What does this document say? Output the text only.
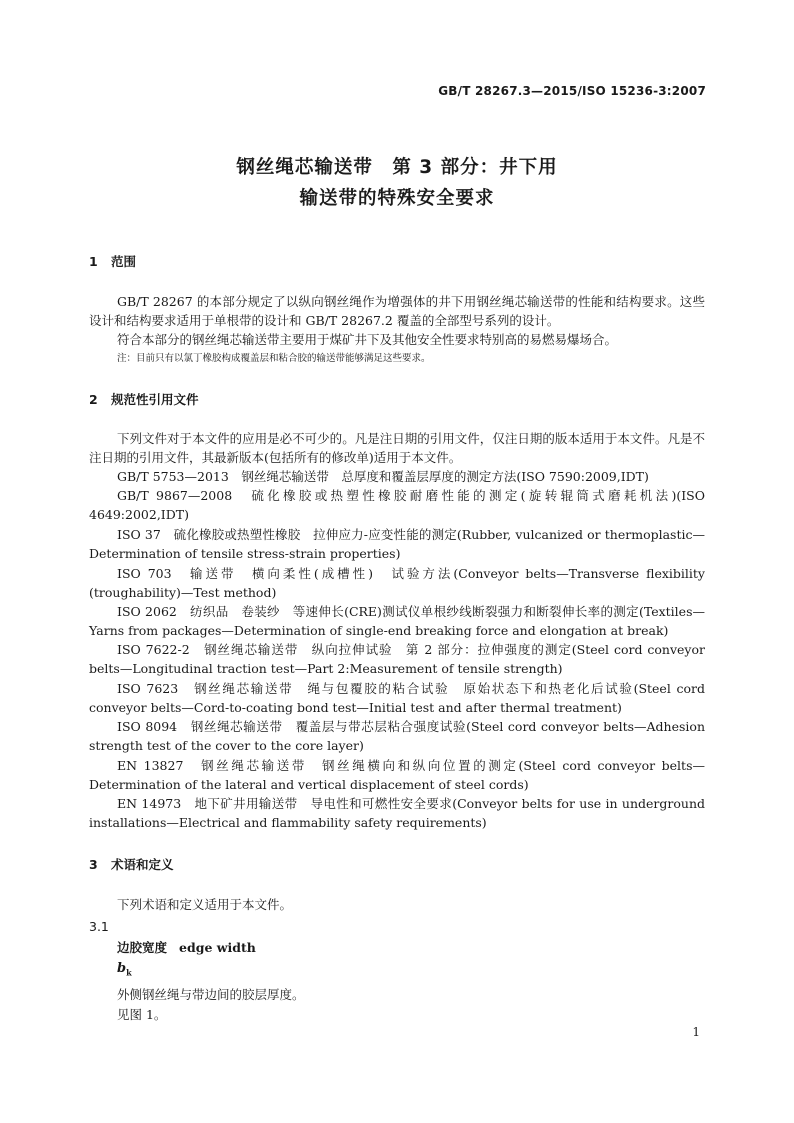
GB/T 28267.3—2015/ISO 15236-3:2007
钢丝绳芯输送带　第 3 部分：井下用
输送带的特殊安全要求
1 范围
GB/T 28267 的本部分规定了以纵向钢丝绳作为增强体的井下用钢丝绳芯输送带的性能和结构要求。这些设计和结构要求适用于单根带的设计和 GB/T 28267.2 覆盖的全部型号系列的设计。
符合本部分的钢丝绳芯输送带主要用于煤矿井下及其他安全性要求特别高的易燃易爆场合。
注：目前只有以氯丁橡胶构成覆盖层和粘合胶的输送带能够满足这些要求。
2 规范性引用文件
下列文件对于本文件的应用是必不可少的。凡是注日期的引用文件，仅注日期的版本适用于本文件。凡是不注日期的引用文件，其最新版本(包括所有的修改单)适用于本文件。
GB/T 5753—2013　钢丝绳芯输送带　总厚度和覆盖层厚度的测定方法(ISO 7590:2009,IDT)
GB/T 9867—2008　硫化橡胶或热塑性橡胶耐磨性能的测定(旋转辊筒式磨耗机法)(ISO 4649:2002,IDT)
ISO 37　硫化橡胶或热塑性橡胶　拉伸应力-应变性能的测定(Rubber, vulcanized or thermoplastic—Determination of tensile stress-strain properties)
ISO 703　输送带　横向柔性(成槽性)　试验方法(Conveyor belts—Transverse flexibility (troughability)—Test method)
ISO 2062　纺织品　卷装纱　等速伸长(CRE)测试仪单根纱线断裂强力和断裂伸长率的测定(Textiles—Yarns from packages—Determination of single-end breaking force and elongation at break)
ISO 7622-2　钢丝绳芯输送带　纵向拉伸试验　第 2 部分：拉伸强度的测定(Steel cord conveyor belts—Longitudinal traction test—Part 2:Measurement of tensile strength)
ISO 7623　钢丝绳芯输送带　绳与包覆胶的粘合试验　原始状态下和热老化后试验(Steel cord conveyor belts—Cord-to-coating bond test—Initial test and after thermal treatment)
ISO 8094　钢丝绳芯输送带　覆盖层与带芯层粘合强度试验(Steel cord conveyor belts—Adhesion strength test of the cover to the core layer)
EN 13827　钢丝绳芯输送带　钢丝绳横向和纵向位置的测定(Steel cord conveyor belts—Determination of the lateral and vertical displacement of steel cords)
EN 14973　地下矿井用输送带　导电性和可燃性安全要求(Conveyor belts for use in underground installations—Electrical and flammability safety requirements)
3 术语和定义
下列术语和定义适用于本文件。
3.1
边胶宽度 edge width
$b_k$
外侧钢丝绳与带边间的胶层厚度。
见图 1。
1
